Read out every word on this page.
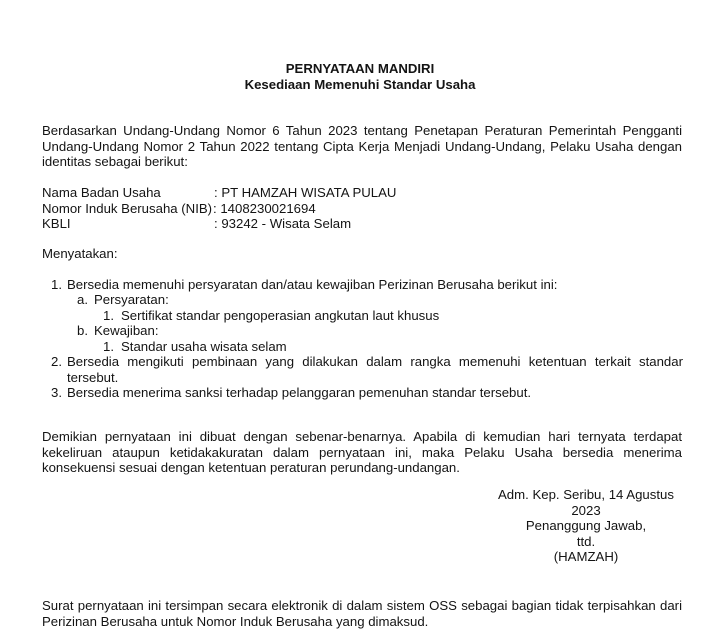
PERNYATAAN MANDIRI
Kesediaan Memenuhi Standar Usaha
Berdasarkan Undang-Undang Nomor 6 Tahun 2023 tentang Penetapan Peraturan Pemerintah Pengganti Undang-Undang Nomor 2 Tahun 2022 tentang Cipta Kerja Menjadi Undang-Undang, Pelaku Usaha dengan identitas sebagai berikut:
Nama Badan Usaha	: PT HAMZAH WISATA PULAU
Nomor Induk Berusaha (NIB) : 1408230021694
KBLI	: 93242 - Wisata Selam
Menyatakan:
1. Bersedia memenuhi persyaratan dan/atau kewajiban Perizinan Berusaha berikut ini:
a. Persyaratan:
1. Sertifikat standar pengoperasian angkutan laut khusus
b. Kewajiban:
1. Standar usaha wisata selam
2. Bersedia mengikuti pembinaan yang dilakukan dalam rangka memenuhi ketentuan terkait standar tersebut.
3. Bersedia menerima sanksi terhadap pelanggaran pemenuhan standar tersebut.
Demikian pernyataan ini dibuat dengan sebenar-benarnya. Apabila di kemudian hari ternyata terdapat kekeliruan ataupun ketidakakuratan dalam pernyataan ini, maka Pelaku Usaha bersedia menerima konsekuensi sesuai dengan ketentuan peraturan perundang-undangan.
Adm. Kep. Seribu, 14 Agustus
2023
Penanggung Jawab,
ttd.
(HAMZAH)
Surat pernyataan ini tersimpan secara elektronik di dalam sistem OSS sebagai bagian tidak terpisahkan dari Perizinan Berusaha untuk Nomor Induk Berusaha yang dimaksud.
